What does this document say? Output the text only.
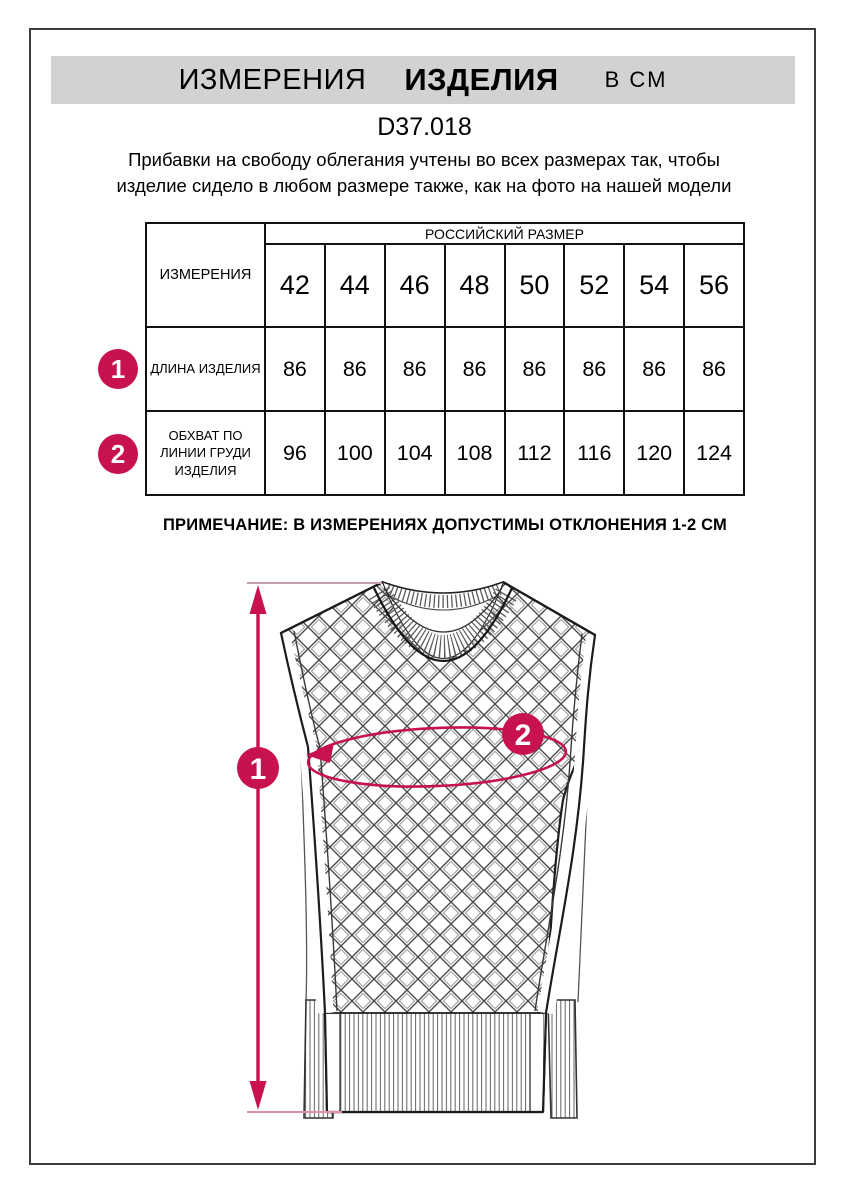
ИЗМЕРЕНИЯ ИЗДЕЛИЯ В СМ
D37.018
Прибавки на свободу облегания учтены во всех размерах так, чтобы изделие сидело в любом размере также, как на фото на нашей модели
ИЗМЕРЕНИЯ	РОССИЙСКИЙ РАЗМЕР							
	42	44	46	48	50	52	54	56
ДЛИНА ИЗДЕЛИЯ	86	86	86	86	86	86	86	86
ОБХВАТ ПО ЛИНИИ ГРУДИ ИЗДЕЛИЯ	96	100	104	108	112	116	120	124
1
2
ПРИМЕЧАНИЕ: В ИЗМЕРЕНИЯХ ДОПУСТИМЫ ОТКЛОНЕНИЯ 1-2 СМ
1
2
